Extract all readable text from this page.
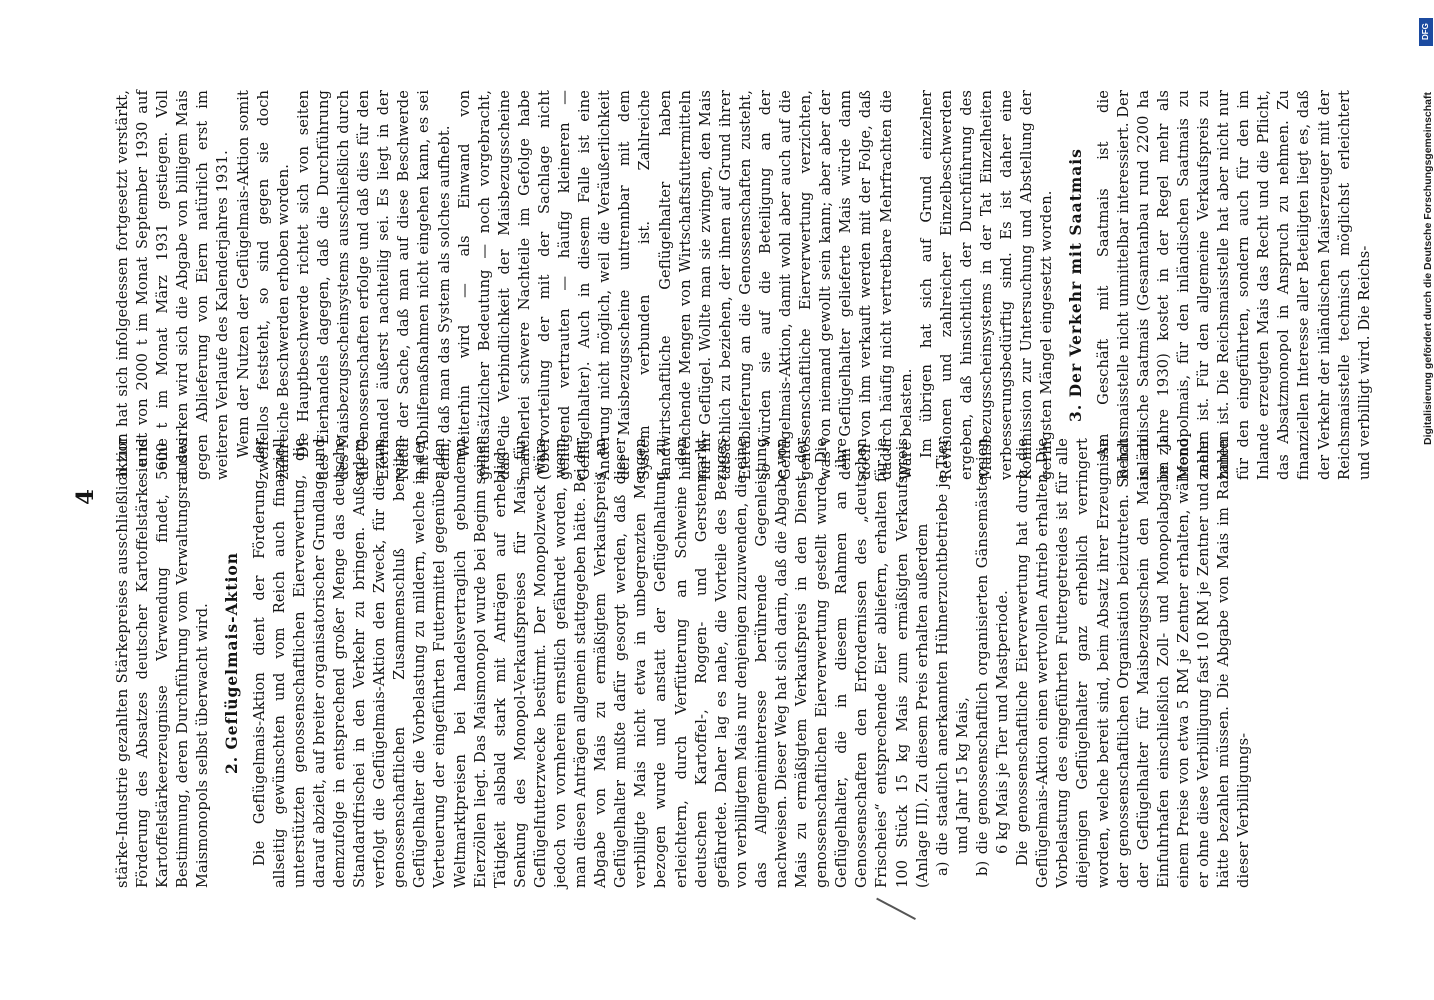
4 stärke-Industrie gezahlten Stärkepreises ausschließlich zur Förderung des Absatzes deutscher Kartoffelstärke und Kartoffelstärkeerzeugnisse Verwendung findet, eine Bestimmung, deren Durchführung vom Verwaltungsrat des Maismonopols selbst überwacht wird. 2. Geflügelmais-Aktion Die Geflügelmais-Aktion dient der Förderung der allseitig gewünschten und vom Reich auch finanziell unterstützten genossenschaftlichen Eierverwertung, die darauf abzielt, auf breiter organisatorischer Grundlage und demzufolge in entsprechend großer Menge das deutsche Standardfrischei in den Verkehr zu bringen. Außerdem verfolgt die Geflügelmais-Aktion den Zweck, für die zum genossenschaftlichen Zusammenschluß bereiten Geflügelhalter die Vorbelastung zu mildern, welche in der Verteuerung der eingeführten Futtermittel gegenüber den Weltmarktpreisen bei handelsvertraglich gebundenen Eierzöllen liegt. Das Maismonopol wurde bei Beginn seiner Tätigkeit alsbald stark mit Anträgen auf erhebliche Senkung des Monopol-Verkaufspreises für Mais für Geflügelfutterzwecke bestürmt. Der Monopolzweck wäre jedoch von vornherein ernstlich gefährdet worden, wenn man diesen Anträgen allgemein stattgegeben hätte. Bei der Abgabe von Mais zu ermäßigtem Verkaufspreis an Geflügelhalter mußte dafür gesorgt werden, daß dieser verbilligte Mais nicht etwa in unbegrenzten Mengen bezogen wurde und anstatt der Geflügelhaltung zu erleichtern, durch Verfütterung an Schweine den deutschen Kartoffel-, Roggen- und Gerstenmarkt gefährdete. Daher lag es nahe, die Vorteile des Bezuges von verbilligtem Mais nur denjenigen zuzuwenden, die eine das Allgemeininteresse berührende Gegenleistung nachweisen. Dieser Weg hat sich darin, daß die Abgabe von Mais zu ermäßigtem Verkaufspreis in den Dienst der genossenschaftlichen Eierverwertung gestellt wurde. Die Geflügelhalter, die in diesem Rahmen an ihre Genossenschaften den Erfordernissen des „deutschen Frischeies“ entsprechende Eier abliefern, erhalten für je 100 Stück 15 kg Mais zum ermäßigten Verkaufspreis (Anlage III). Zu diesem Preis erhalten außerdem a) die staatlich anerkannten Hühnerzuchtbetriebe je Tier und Jahr 15 kg Mais, b) die genossenschaftlich organisierten Gänsemästereien 6 kg Mais je Tier und Mastperiode. Die genossenschaftliche Eierverwertung hat durch die Geflügelmais-Aktion einen wertvollen Antrieb erhalten. Die Vorbelastung des eingeführten Futtergetreides ist für alle diejenigen Geflügelhalter ganz erheblich verringert worden, welche bereit sind, beim Absatz ihrer Erzeugnisse der genossenschaftlichen Organisation beizutreten. So hat der Geflügelhalter für Maisbezugsschein den Mais ab Einfuhrhafen einschließlich Zoll- und Monopolabgabe zu einem Preise von etwa 5 RM je Zentner erhalten, während er ohne diese Verbilligung fast 10 RM je Zentner und mehr hätte bezahlen müssen. Die Abgabe von Mais im Rahmen dieser Verbilligungs-

aktion hat sich infolgedessen fortgesetzt verstärkt, sie ist von 2000 t im Monat September 1930 auf 5600 t im Monat März 1931 gestiegen. Voll auswirken wird sich die Abgabe von billigem Mais gegen Ablieferung von Eiern natürlich erst im weiteren Verlaufe des Kalenderjahres 1931. Wenn der Nutzen der Geflügelmais-Aktion somit zweifellos feststeht, so sind gegen sie doch zahlreiche Beschwerden erhoben worden. Die Hauptbeschwerde richtet sich von seiten des Eierhandels dagegen, daß die Durchführung des Maisbezugsscheinsystems ausschließlich durch die Genossenschaften erfolge und daß dies für den Eierhandel äußerst nachteilig sei. Es liegt in der Natur der Sache, daß man auf diese Beschwerde mit Abhilfemaßnahmen nicht eingehen kann, es sei denn, daß man das System als solches aufhebt. Weiterhin wird — als Einwand von grundsätzlicher Bedeutung — noch vorgebracht, daß die Verbindlichkeit der Maisbezugsscheine mancherlei schwere Nachteile im Gefolge habe (Übervorteilung der mit der Sachlage nicht genügend vertrauten — häufig kleineren — Geflügelhalter). Auch in diesem Falle ist eine Änderung nicht möglich, weil die Veräußerlichkeit der Maisbezugsscheine untrennbar mit dem System verbunden ist. Zahlreiche landwirtschaftliche Geflügelhalter haben hinreichende Mengen von Wirtschaftsfuttermitteln für ihr Geflügel. Wollte man sie zwingen, den Mais tatsächlich zu beziehen, der ihnen auf Grund ihrer Eierablieferung an die Genossenschaften zusteht, so würden sie auf die Beteiligung an der Geflügelmais-Aktion, damit wohl aber auch auf die genossenschaftliche Eierverwertung verzichten, was von niemand gewollt sein kann; aber aber der dem Geflügelhalter gelieferte Mais würde dann doch von ihm verkauft werden mit der Folge, daß dadurch häufig nicht vertretbare Mehrfrachten die Ware belasten. Im übrigen hat sich auf Grund einzelner Revisionen und zahlreicher Einzelbeschwerden ergeben, daß hinsichtlich der Durchführung des Maisbezugsscheinsystems in der Tat Einzelheiten verbesserungsbedürftig sind. Es ist daher eine Kommission zur Untersuchung und Abstellung der geringsten Mängel eingesetzt worden. 3. Der Verkehr mit Saatmais Am Geschäft mit Saatmais ist die Reichsmaisstelle nicht unmittelbar interessiert. Der inländische Saatmais (Gesamtanbau rund 2200 ha im Jahre 1930) kostet in der Regel mehr als Monopolmais, für den inländischen Saatmais zu zahlen ist. Für den allgemeine Verkaufspreis zu zahlen ist. Die Reichsmaisstelle hat aber nicht nur für den eingeführten, sondern auch für den im Inlande erzeugten Mais das Recht und die Pflicht, das Absatzmonopol in Anspruch zu nehmen. Zu finanziellen Interesse aller Beteiligten liegt es, daß der Verkehr der inländischen Maiserzeuger mit der Reichsmaisstelle technisch möglichst erleichtert und verbilligt wird. Die Reichs-

DFG
Digitalisierung gefördert durch die Deutsche Forschungsgemeinschaft
